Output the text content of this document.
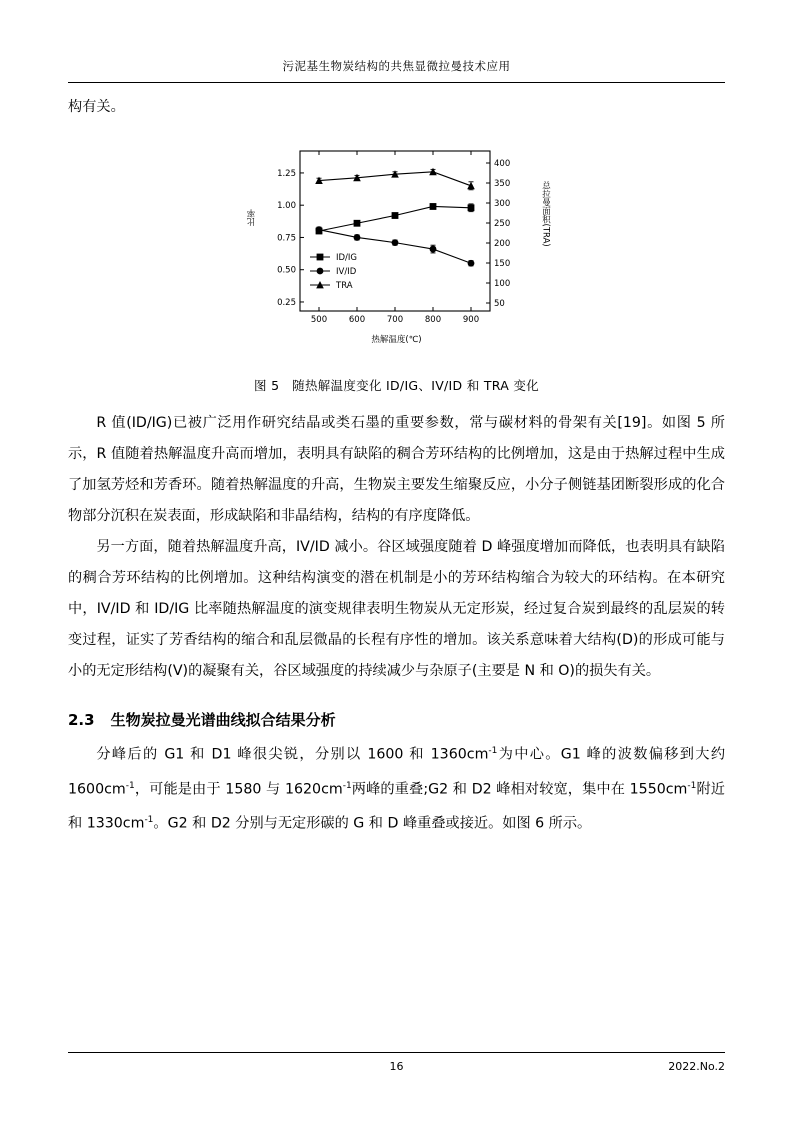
污泥基生物炭结构的共焦显微拉曼技术应用

构有关。

500	600	700	800	900
0.25
0.50
0.75
1.00
1.25
50
100
150
200
250
300
350
400
ID/IG
IV/ID
TRA
比率	总拉曼面积(TRA)
热解温度(℃)
图 5　随热解温度变化 ID/IG、IV/ID 和 TRA 变化

R 值(ID/IG)已被广泛用作研究结晶或类石墨的重要参数，常与碳材料的骨架有关[19]。如图 5 所示，R 值随着热解温度升高而增加，表明具有缺陷的稠合芳环结构的比例增加，这是由于热解过程中生成了加氢芳烃和芳香环。随着热解温度的升高，生物炭主要发生缩聚反应，小分子侧链基团断裂形成的化合物部分沉积在炭表面，形成缺陷和非晶结构，结构的有序度降低。

另一方面，随着热解温度升高，IV/ID 减小。谷区域强度随着 D 峰强度增加而降低，也表明具有缺陷的稠合芳环结构的比例增加。这种结构演变的潜在机制是小的芳环结构缩合为较大的环结构。在本研究中，IV/ID 和 ID/IG 比率随热解温度的演变规律表明生物炭从无定形炭，经过复合炭到最终的乱层炭的转变过程，证实了芳香结构的缩合和乱层微晶的长程有序性的增加。该关系意味着大结构(D)的形成可能与小的无定形结构(V)的凝聚有关，谷区域强度的持续减少与杂原子(主要是 N 和 O)的损失有关。

2.3 生物炭拉曼光谱曲线拟合结果分析

分峰后的 G1 和 D1 峰很尖锐，分别以 1600 和 $1360cm^{-1}$为中心。G1 峰的波数偏移到大约 $1600cm^{-1}$，可能是由于 1580 与 $1620cm^{-1}$两峰的重叠;G2 和 D2 峰相对较宽，集中在 $1550cm^{-1}$附近和 $1330cm^{-1}$。G2 和 D2 分别与无定形碳的 G 和 D 峰重叠或接近。如图 6 所示。

16	2022.No.2
